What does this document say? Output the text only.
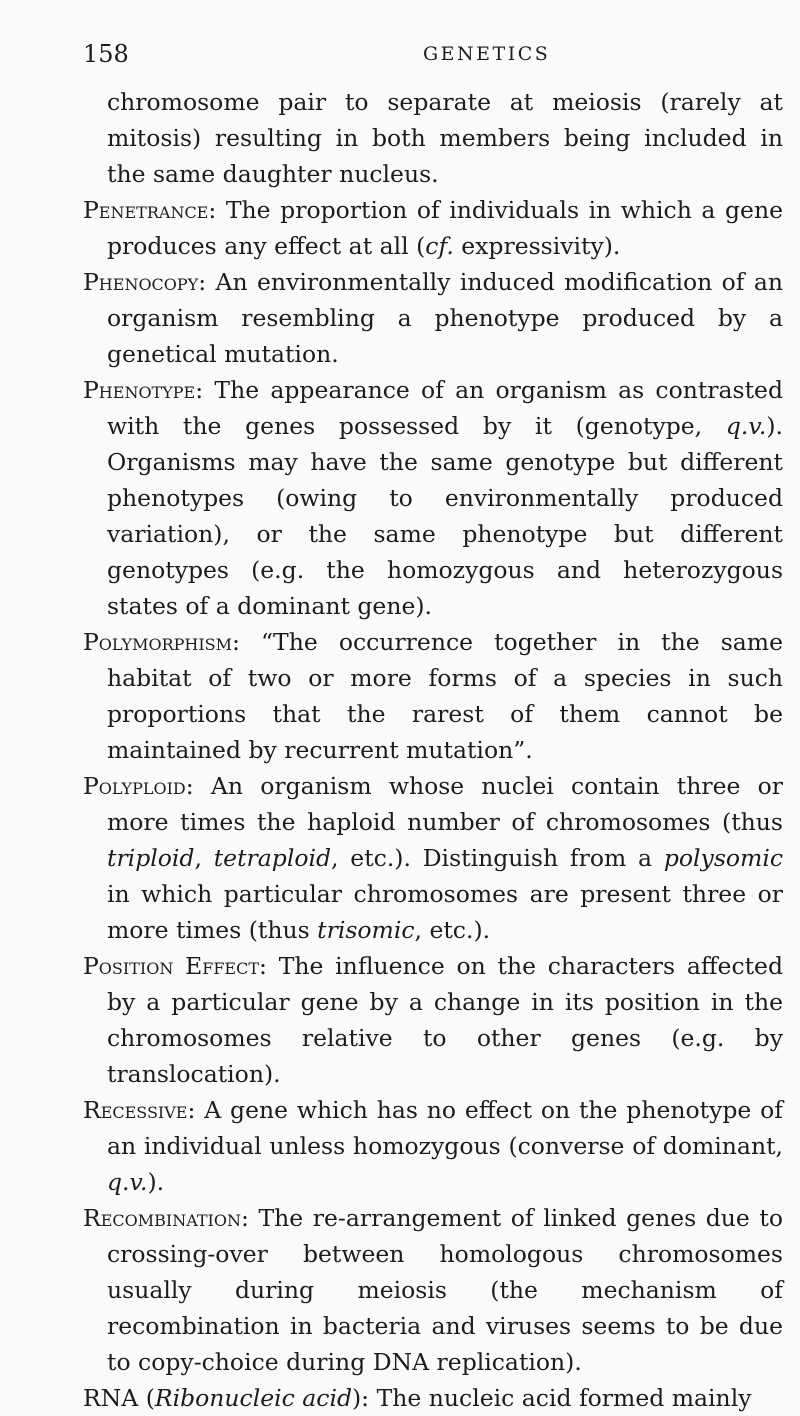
158	GENETICS

chromosome pair to separate at meiosis (rarely at mitosis) resulting in both members being included in the same daughter nucleus.

Penetrance: The proportion of individuals in which a gene produces any effect at all (cf. expressivity).

Phenocopy: An environmentally induced modification of an organism resembling a phenotype produced by a genetical mutation.

Phenotype: The appearance of an organism as contrasted with the genes possessed by it (genotype, q.v.). Organisms may have the same genotype but different phenotypes (owing to environmentally produced variation), or the same phenotype but different genotypes (e.g. the homozygous and heterozygous states of a dominant gene).

Polymorphism: “The occurrence together in the same habitat of two or more forms of a species in such proportions that the rarest of them cannot be maintained by recurrent mutation”.

Polyploid: An organism whose nuclei contain three or more times the haploid number of chromosomes (thus triploid, tetraploid, etc.). Distinguish from a polysomic in which particular chromosomes are present three or more times (thus trisomic, etc.).

Position Effect: The influence on the characters affected by a particular gene by a change in its position in the chromosomes relative to other genes (e.g. by translocation).

Recessive: A gene which has no effect on the phenotype of an individual unless homozygous (converse of dominant, q.v.).

Recombination: The re-arrangement of linked genes due to crossing-over between homologous chromosomes usually during meiosis (the mechanism of recombination in bacteria and viruses seems to be due to copy-choice during DNA replication).

RNA (Ribonucleic acid): The nucleic acid formed mainly
